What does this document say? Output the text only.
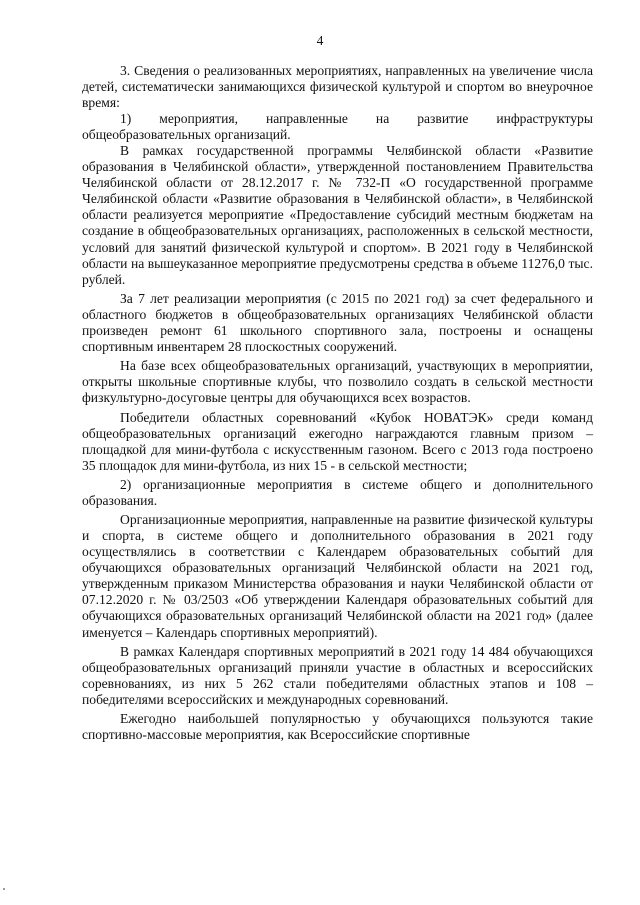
4

3. Сведения о реализованных мероприятиях, направленных на увеличение числа детей, систематически занимающихся физической культурой и спортом во внеурочное время:

1) мероприятия, направленные на развитие инфраструктуры общеобразовательных организаций.

В рамках государственной программы Челябинской области «Развитие образования в Челябинской области», утвержденной постановлением Правительства Челябинской области от 28.12.2017 г. № 732-П «О государственной программе Челябинской области «Развитие образования в Челябинской области», в Челябинской области реализуется мероприятие «Предоставление субсидий местным бюджетам на создание в общеобразовательных организациях, расположенных в сельской местности, условий для занятий физической культурой и спортом». В 2021 году в Челябинской области на вышеуказанное мероприятие предусмотрены средства в объеме 11276,0 тыс. рублей.

За 7 лет реализации мероприятия (с 2015 по 2021 год) за счет федерального и областного бюджетов в общеобразовательных организациях Челябинской области произведен ремонт 61 школьного спортивного зала, построены и оснащены спортивным инвентарем 28 плоскостных сооружений.

На базе всех общеобразовательных организаций, участвующих в мероприятии, открыты школьные спортивные клубы, что позволило создать в сельской местности физкультурно-досуговые центры для обучающихся всех возрастов.

Победители областных соревнований «Кубок НОВАТЭК» среди команд общеобразовательных организаций ежегодно награждаются главным призом – площадкой для мини-футбола с искусственным газоном. Всего с 2013 года построено 35 площадок для мини-футбола, из них 15 - в сельской местности;

2) организационные мероприятия в системе общего и дополнительного образования.

Организационные мероприятия, направленные на развитие физической культуры и спорта, в системе общего и дополнительного образования в 2021 году осуществлялись в соответствии с Календарем образовательных событий для обучающихся образовательных организаций Челябинской области на 2021 год, утвержденным приказом Министерства образования и науки Челябинской области от 07.12.2020 г. № 03/2503 «Об утверждении Календаря образовательных событий для обучающихся образовательных организаций Челябинской области на 2021 год» (далее именуется – Календарь спортивных мероприятий).

В рамках Календаря спортивных мероприятий в 2021 году 14 484 обучающихся общеобразовательных организаций приняли участие в областных и всероссийских соревнованиях, из них 5 262 стали победителями областных этапов и 108 – победителями всероссийских и международных соревнований.

Ежегодно наибольшей популярностью у обучающихся пользуются такие спортивно-массовые мероприятия, как Всероссийские спортивные
